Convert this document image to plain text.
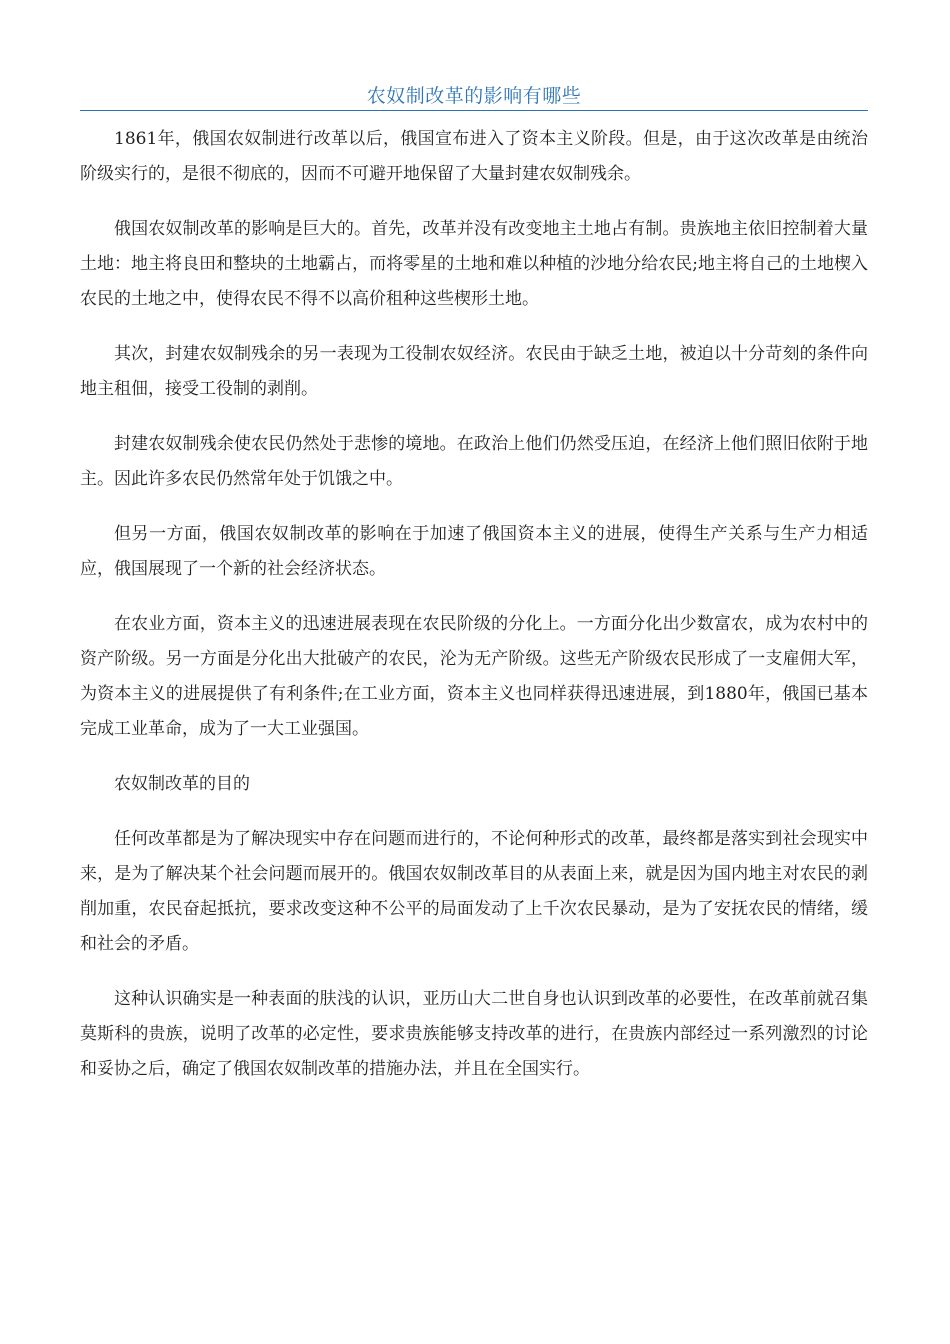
农奴制改革的影响有哪些

1861年，俄国农奴制进行改革以后，俄国宣布进入了资本主义阶段。但是，由于这次改革是由统治阶级实行的，是很不彻底的，因而不可避开地保留了大量封建农奴制残余。

俄国农奴制改革的影响是巨大的。首先，改革并没有改变地主土地占有制。贵族地主依旧控制着大量土地：地主将良田和整块的土地霸占，而将零星的土地和难以种植的沙地分给农民;地主将自己的土地楔入农民的土地之中，使得农民不得不以高价租种这些楔形土地。

其次，封建农奴制残余的另一表现为工役制农奴经济。农民由于缺乏土地，被迫以十分苛刻的条件向地主租佃，接受工役制的剥削。

封建农奴制残余使农民仍然处于悲惨的境地。在政治上他们仍然受压迫，在经济上他们照旧依附于地主。因此许多农民仍然常年处于饥饿之中。

但另一方面，俄国农奴制改革的影响在于加速了俄国资本主义的进展，使得生产关系与生产力相适应，俄国展现了一个新的社会经济状态。

在农业方面，资本主义的迅速进展表现在农民阶级的分化上。一方面分化出少数富农，成为农村中的资产阶级。另一方面是分化出大批破产的农民，沦为无产阶级。这些无产阶级农民形成了一支雇佣大军，为资本主义的进展提供了有利条件;在工业方面，资本主义也同样获得迅速进展，到1880年，俄国已基本完成工业革命，成为了一大工业强国。

农奴制改革的目的

任何改革都是为了解决现实中存在问题而进行的，不论何种形式的改革，最终都是落实到社会现实中来，是为了解决某个社会问题而展开的。俄国农奴制改革目的从表面上来，就是因为国内地主对农民的剥削加重，农民奋起抵抗，要求改变这种不公平的局面发动了上千次农民暴动，是为了安抚农民的情绪，缓和社会的矛盾。

这种认识确实是一种表面的肤浅的认识，亚历山大二世自身也认识到改革的必要性，在改革前就召集莫斯科的贵族，说明了改革的必定性，要求贵族能够支持改革的进行，在贵族内部经过一系列激烈的讨论和妥协之后，确定了俄国农奴制改革的措施办法，并且在全国实行。
